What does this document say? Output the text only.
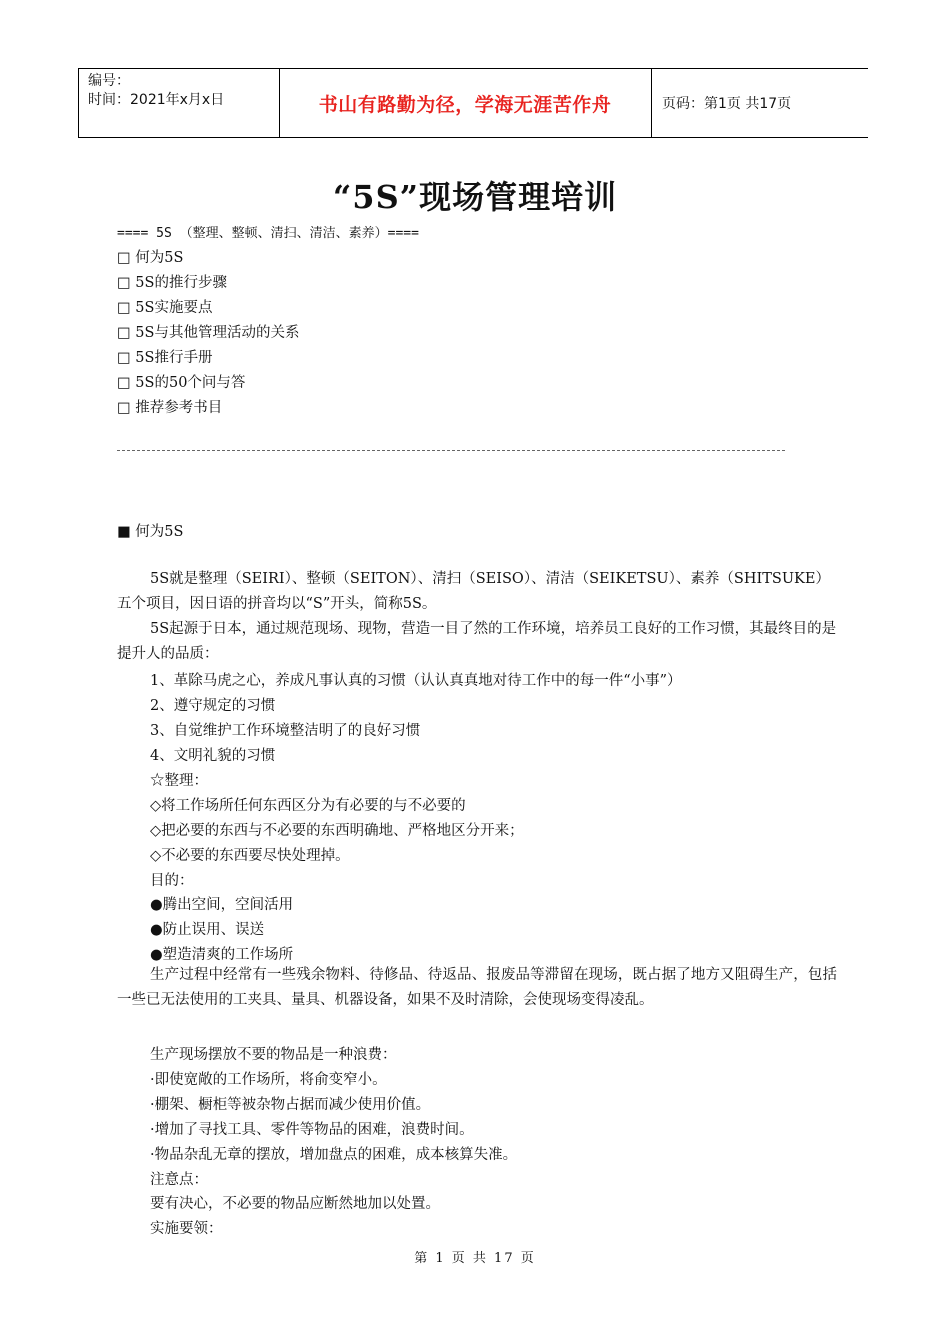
编号：
时间：2021年x月x日	书山有路勤为径，学海无涯苦作舟	页码：第1页 共17页
“5S”现场管理培训
==== 5S （整理、整顿、清扫、清洁、素养）====
□ 何为5S
□ 5S的推行步骤
□ 5S实施要点
□ 5S与其他管理活动的关系
□ 5S推行手册
□ 5S的50个问与答
□ 推荐参考书目
■ 何为5S
5S就是整理（SEIRI）、整顿（SEITON）、清扫（SEISO）、清洁（SEIKETSU）、素养（SHITSUKE）五个项目，因日语的拼音均以“S”开头，简称5S。
5S起源于日本，通过规范现场、现物，营造一目了然的工作环境，培养员工良好的工作习惯，其最终目的是提升人的品质：
1、革除马虎之心，养成凡事认真的习惯（认认真真地对待工作中的每一件“小事”）
2、遵守规定的习惯
3、自觉维护工作环境整洁明了的良好习惯
4、文明礼貌的习惯
☆整理：
◇将工作场所任何东西区分为有必要的与不必要的
◇把必要的东西与不必要的东西明确地、严格地区分开来；
◇不必要的东西要尽快处理掉。
目的：
●腾出空间，空间活用
●防止误用、误送
●塑造清爽的工作场所
生产过程中经常有一些残余物料、待修品、待返品、报废品等滞留在现场，既占据了地方又阻碍生产，包括一些已无法使用的工夹具、量具、机器设备，如果不及时清除，会使现场变得凌乱。
生产现场摆放不要的物品是一种浪费：
·即使宽敞的工作场所，将俞变窄小。
·棚架、橱柜等被杂物占据而减少使用价值。
·增加了寻找工具、零件等物品的困难，浪费时间。
·物品杂乱无章的摆放，增加盘点的困难，成本核算失准。
注意点：
要有决心，不必要的物品应断然地加以处置。
实施要领：
第 1 页 共 17 页
